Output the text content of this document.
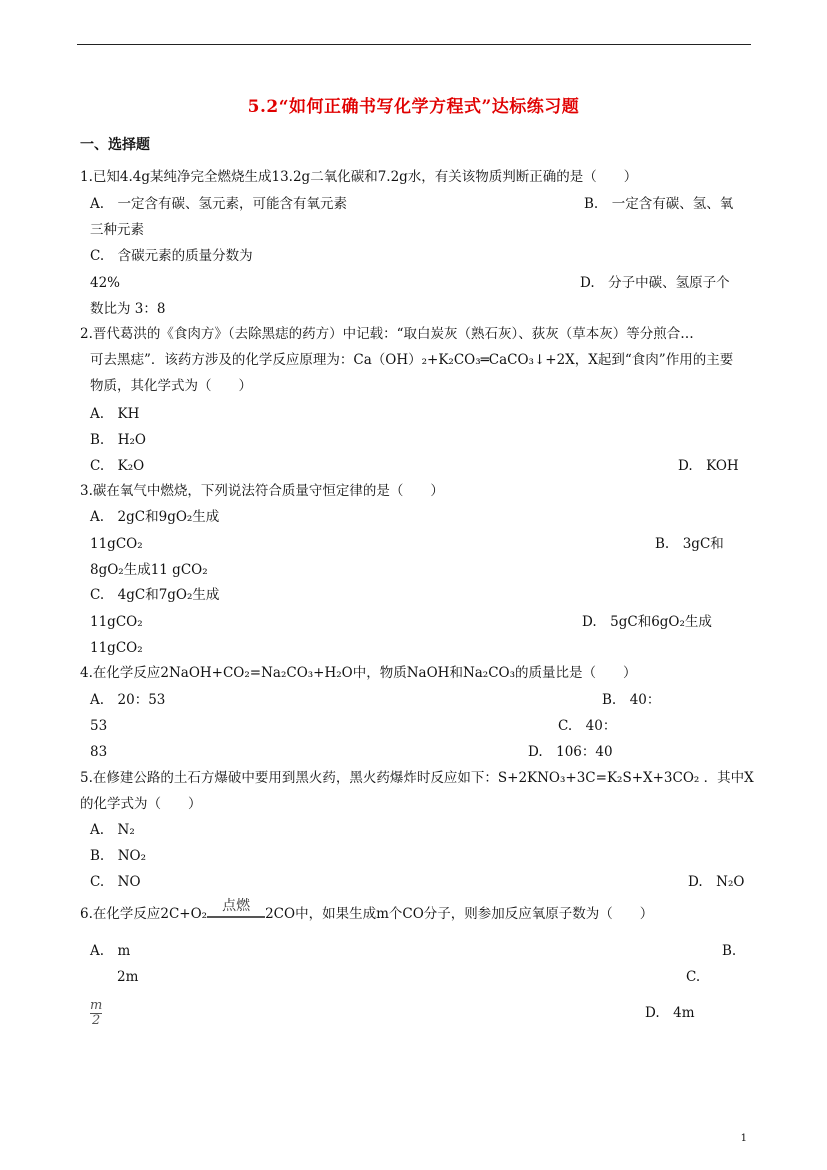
5.2“如何正确书写化学方程式”达标练习题
一、选择题
1.已知4.4g某纯净完全燃烧生成13.2g二氧化碳和7.2g水，有关该物质判断正确的是（　　）
A.　一定含有碳、氢元素，可能含有氧元素	B.　一定含有碳、氢、氧
三种元素
C.　含碳元素的质量分数为
42%	D.　分子中碳、氢原子个
数比为 3：8
2.晋代葛洪的《食肉方》（去除黑痣的药方）中记载：“取白炭灰（熟石灰）、荻灰（草本灰）等分煎合…
可去黑痣”．该药方涉及的化学反应原理为：Ca（OH）₂+K₂CO₃═CaCO₃↓+2X，X起到“食肉”作用的主要
物质，其化学式为（　　）
A.　KH
B.　H₂O
C.　K₂O	D.　KOH
3.碳在氧气中燃烧，下列说法符合质量守恒定律的是（　　）
A.　2gC和9gO₂生成
11gCO₂	B.　3gC和
8gO₂生成11 gCO₂
C.　4gC和7gO₂生成
11gCO₂	D.　5gC和6gO₂生成
11gCO₂
4.在化学反应2NaOH+CO₂=Na₂CO₃+H₂O中，物质NaOH和Na₂CO₃的质量比是（　　）
A.　20：53	B.　40：
53	C.　40：
83	D.　106：40
5.在修建公路的土石方爆破中要用到黑火药，黑火药爆炸时反应如下：S+2KNO₃+3C=K₂S+X+3CO₂ ．其中X
的化学式为（　　）
A.　N₂
B.　NO₂
C.　NO	D.　N₂O
6.在化学反应2C+O₂
点燃
2CO中，如果生成m个CO分子，则参加反应氧原子数为（　　）
A.　m	B.
2m	C.
m
2	D.　4m
1
